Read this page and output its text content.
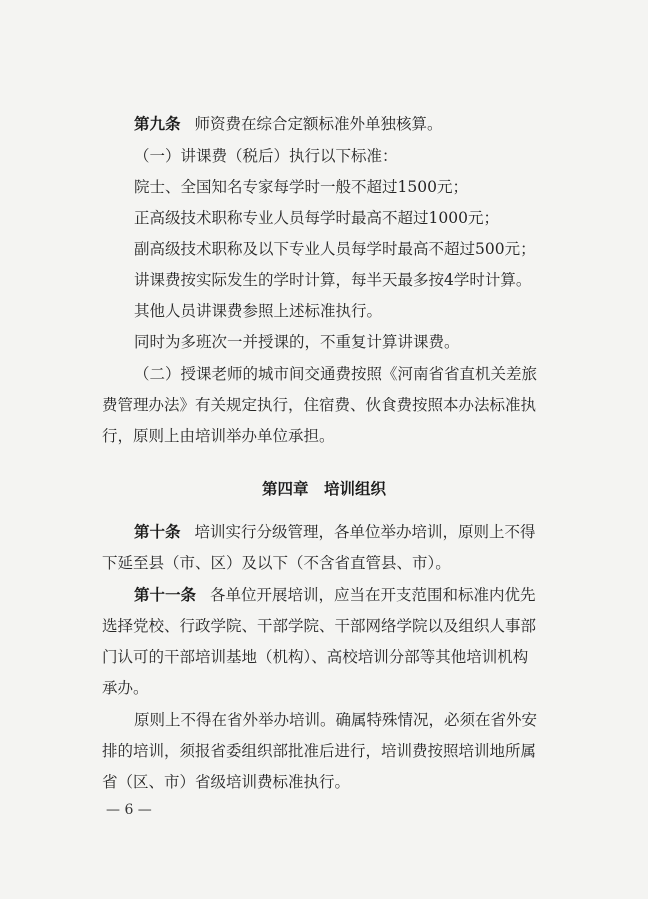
第九条 师资费在综合定额标准外单独核算。
（一）讲课费（税后）执行以下标准：
院士、全国知名专家每学时一般不超过1500元；
正高级技术职称专业人员每学时最高不超过1000元；
副高级技术职称及以下专业人员每学时最高不超过500元；
讲课费按实际发生的学时计算，每半天最多按4学时计算。
其他人员讲课费参照上述标准执行。
同时为多班次一并授课的，不重复计算讲课费。
（二）授课老师的城市间交通费按照《河南省省直机关差旅
费管理办法》有关规定执行，住宿费、伙食费按照本办法标准执
行，原则上由培训举办单位承担。
第四章　培训组织
第十条 培训实行分级管理，各单位举办培训，原则上不得
下延至县（市、区）及以下（不含省直管县、市）。
第十一条 各单位开展培训，应当在开支范围和标准内优先
选择党校、行政学院、干部学院、干部网络学院以及组织人事部
门认可的干部培训基地（机构）、高校培训分部等其他培训机构
承办。
原则上不得在省外举办培训。确属特殊情况，必须在省外安
排的培训，须报省委组织部批准后进行，培训费按照培训地所属
省（区、市）省级培训费标准执行。
— 6 —
